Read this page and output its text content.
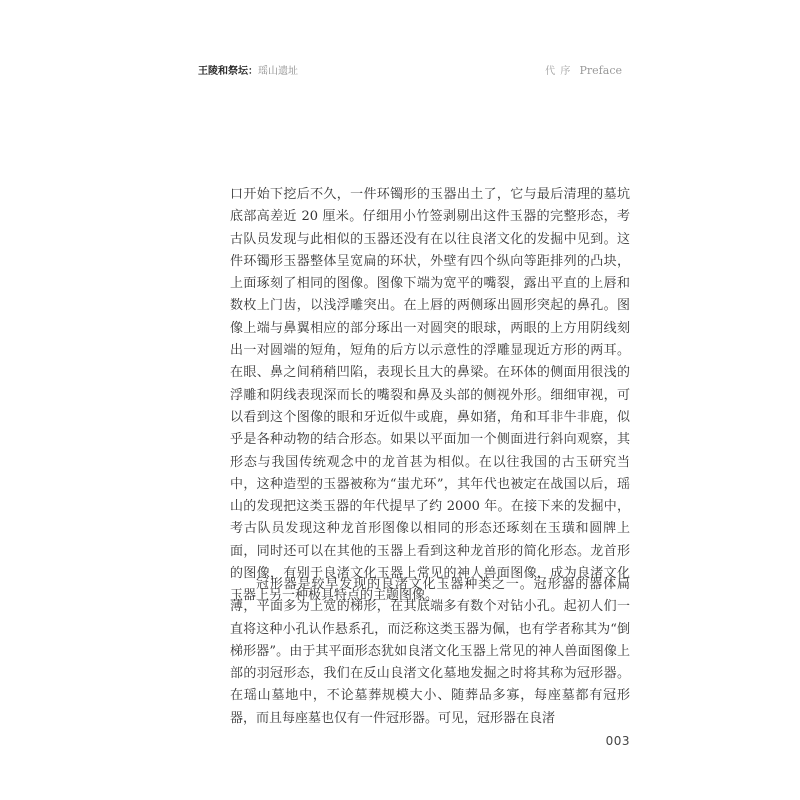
王陵和祭坛：瑶山遗址	代 序 Preface

口开始下挖后不久，一件环镯形的玉器出土了，它与最后清理的墓坑底部高差近 20 厘米。仔细用小竹签剥剔出这件玉器的完整形态，考古队员发现与此相似的玉器还没有在以往良渚文化的发掘中见到。这件环镯形玉器整体呈宽扁的环状，外壁有四个纵向等距排列的凸块，上面琢刻了相同的图像。图像下端为宽平的嘴裂，露出平直的上唇和数枚上门齿，以浅浮雕突出。在上唇的两侧琢出圆形突起的鼻孔。图像上端与鼻翼相应的部分琢出一对圆突的眼球，两眼的上方用阴线刻出一对圆端的短角，短角的后方以示意性的浮雕显现近方形的两耳。在眼、鼻之间稍稍凹陷，表现长且大的鼻梁。在环体的侧面用很浅的浮雕和阴线表现深而长的嘴裂和鼻及头部的侧视外形。细细审视，可以看到这个图像的眼和牙近似牛或鹿，鼻如猪，角和耳非牛非鹿，似乎是各种动物的结合形态。如果以平面加一个侧面进行斜向观察，其形态与我国传统观念中的龙首甚为相似。在以往我国的古玉研究当中，这种造型的玉器被称为“蚩尤环”，其年代也被定在战国以后，瑶山的发现把这类玉器的年代提早了约 2000 年。在接下来的发掘中，考古队员发现这种龙首形图像以相同的形态还琢刻在玉璜和圆牌上面，同时还可以在其他的玉器上看到这种龙首形的简化形态。龙首形的图像，有别于良渚文化玉器上常见的神人兽面图像，成为良渚文化玉器上另一种极具特点的主题图像。

冠形器是较早发现的良渚文化玉器种类之一。冠形器的器体扁薄，平面多为上宽的梯形，在其底端多有数个对钻小孔。起初人们一直将这种小孔认作悬系孔，而泛称这类玉器为佩，也有学者称其为“倒梯形器”。由于其平面形态犹如良渚文化玉器上常见的神人兽面图像上部的羽冠形态，我们在反山良渚文化墓地发掘之时将其称为冠形器。在瑶山墓地中，不论墓葬规模大小、随葬品多寡，每座墓都有冠形器，而且每座墓也仅有一件冠形器。可见，冠形器在良渚

003
